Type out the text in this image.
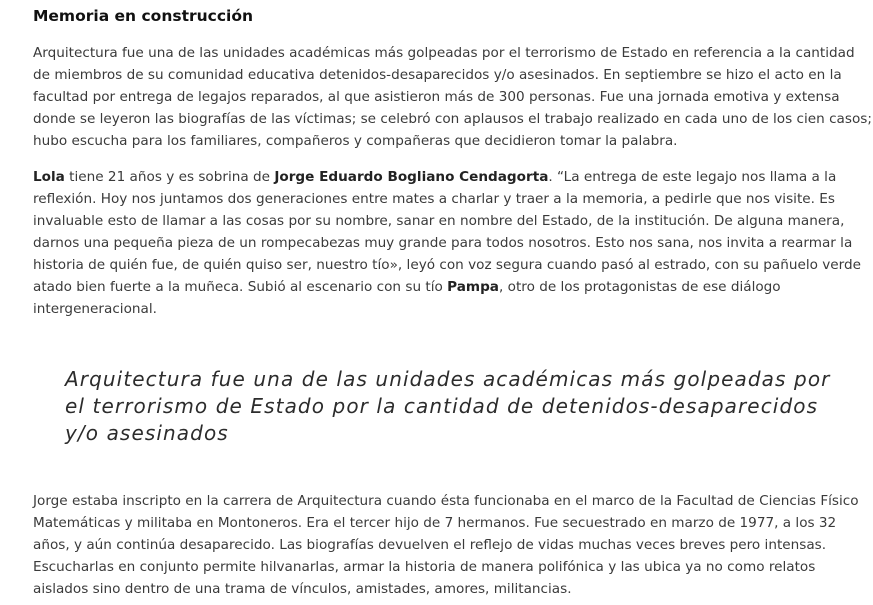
Memoria en construcción

Arquitectura fue una de las unidades académicas más golpeadas por el terrorismo de Estado en referencia a la cantidad
de miembros de su comunidad educativa detenidos-desaparecidos y/o asesinados. En septiembre se hizo el acto en la
facultad por entrega de legajos reparados, al que asistieron más de 300 personas. Fue una jornada emotiva y extensa
donde se leyeron las biografías de las víctimas; se celebró con aplausos el trabajo realizado en cada uno de los cien casos;
hubo escucha para los familiares, compañeros y compañeras que decidieron tomar la palabra.

Lola tiene 21 años y es sobrina de Jorge Eduardo Bogliano Cendagorta. “La entrega de este legajo nos llama a la
reflexión. Hoy nos juntamos dos generaciones entre mates a charlar y traer a la memoria, a pedirle que nos visite. Es
invaluable esto de llamar a las cosas por su nombre, sanar en nombre del Estado, de la institución. De alguna manera,
darnos una pequeña pieza de un rompecabezas muy grande para todos nosotros. Esto nos sana, nos invita a rearmar la
historia de quién fue, de quién quiso ser, nuestro tío», leyó con voz segura cuando pasó al estrado, con su pañuelo verde
atado bien fuerte a la muñeca. Subió al escenario con su tío Pampa, otro de los protagonistas de ese diálogo
intergeneracional.

Arquitectura fue una de las unidades académicas más golpeadas por
el terrorismo de Estado por la cantidad de detenidos-desaparecidos
y/o asesinados

Jorge estaba inscripto en la carrera de Arquitectura cuando ésta funcionaba en el marco de la Facultad de Ciencias Físico
Matemáticas y militaba en Montoneros. Era el tercer hijo de 7 hermanos. Fue secuestrado en marzo de 1977, a los 32
años, y aún continúa desaparecido. Las biografías devuelven el reflejo de vidas muchas veces breves pero intensas.
Escucharlas en conjunto permite hilvanarlas, armar la historia de manera polifónica y las ubica ya no como relatos
aislados sino dentro de una trama de vínculos, amistades, amores, militancias.
